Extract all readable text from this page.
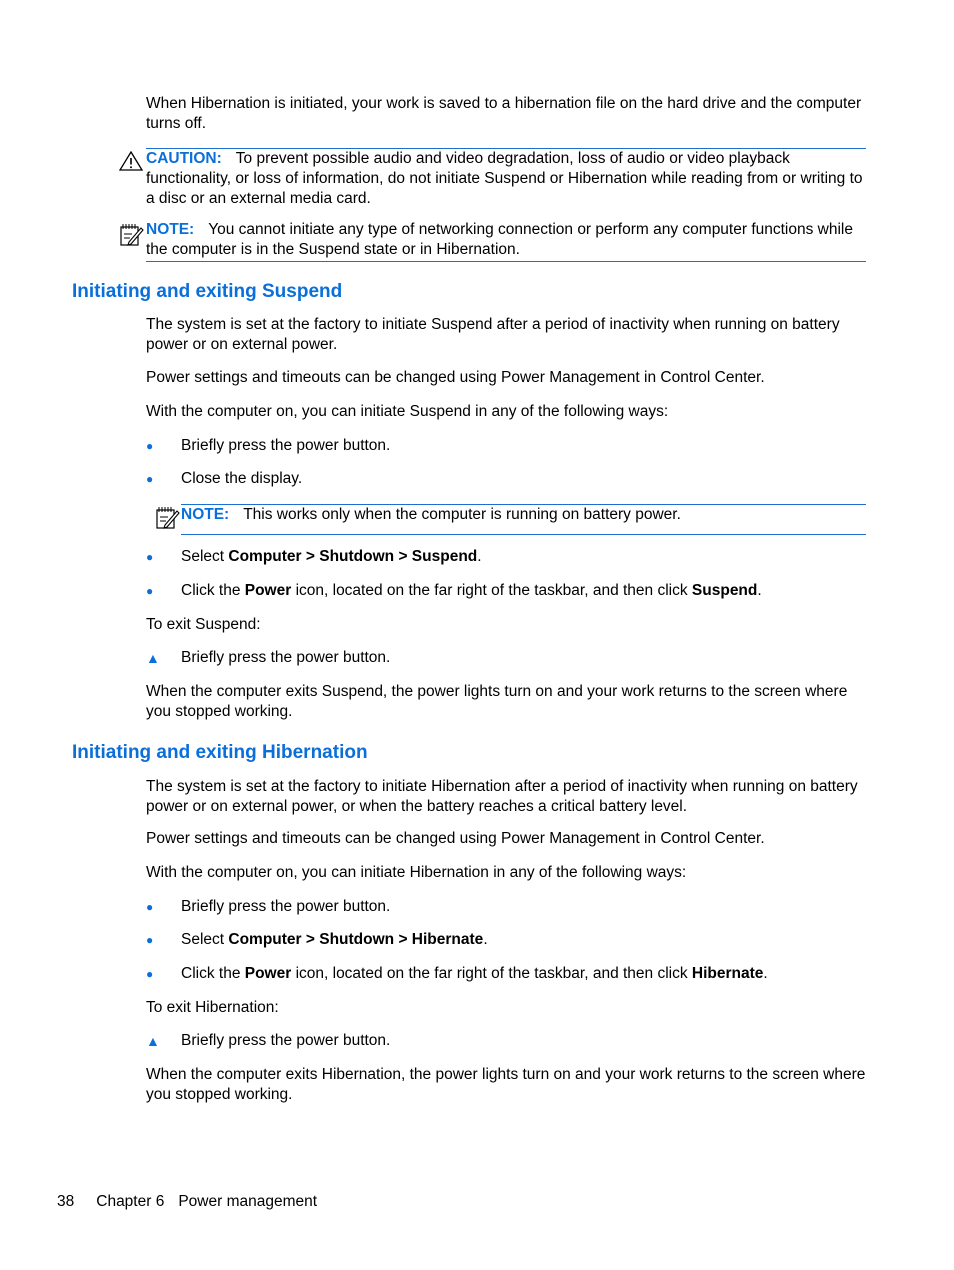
When Hibernation is initiated, your work is saved to a hibernation file on the hard drive and the computer turns off.

CAUTION: To prevent possible audio and video degradation, loss of audio or video playback functionality, or loss of information, do not initiate Suspend or Hibernation while reading from or writing to a disc or an external media card.
NOTE: You cannot initiate any type of networking connection or perform any computer functions while the computer is in the Suspend state or in Hibernation.
Initiating and exiting Suspend

The system is set at the factory to initiate Suspend after a period of inactivity when running on battery power or on external power.

Power settings and timeouts can be changed using Power Management in Control Center.

With the computer on, you can initiate Suspend in any of the following ways:

● Briefly press the power button.

● Close the display.

NOTE: This works only when the computer is running on battery power.
● Select Computer > Shutdown > Suspend.

● Click the Power icon, located on the far right of the taskbar, and then click Suspend.

To exit Suspend:

▲ Briefly press the power button.

When the computer exits Suspend, the power lights turn on and your work returns to the screen where you stopped working.

Initiating and exiting Hibernation

The system is set at the factory to initiate Hibernation after a period of inactivity when running on battery power or on external power, or when the battery reaches a critical battery level.

Power settings and timeouts can be changed using Power Management in Control Center.

With the computer on, you can initiate Hibernation in any of the following ways:

● Briefly press the power button.

● Select Computer > Shutdown > Hibernate.

● Click the Power icon, located on the far right of the taskbar, and then click Hibernate.

To exit Hibernation:

▲ Briefly press the power button.

When the computer exits Hibernation, the power lights turn on and your work returns to the screen where you stopped working.

38 Chapter 6 Power management
